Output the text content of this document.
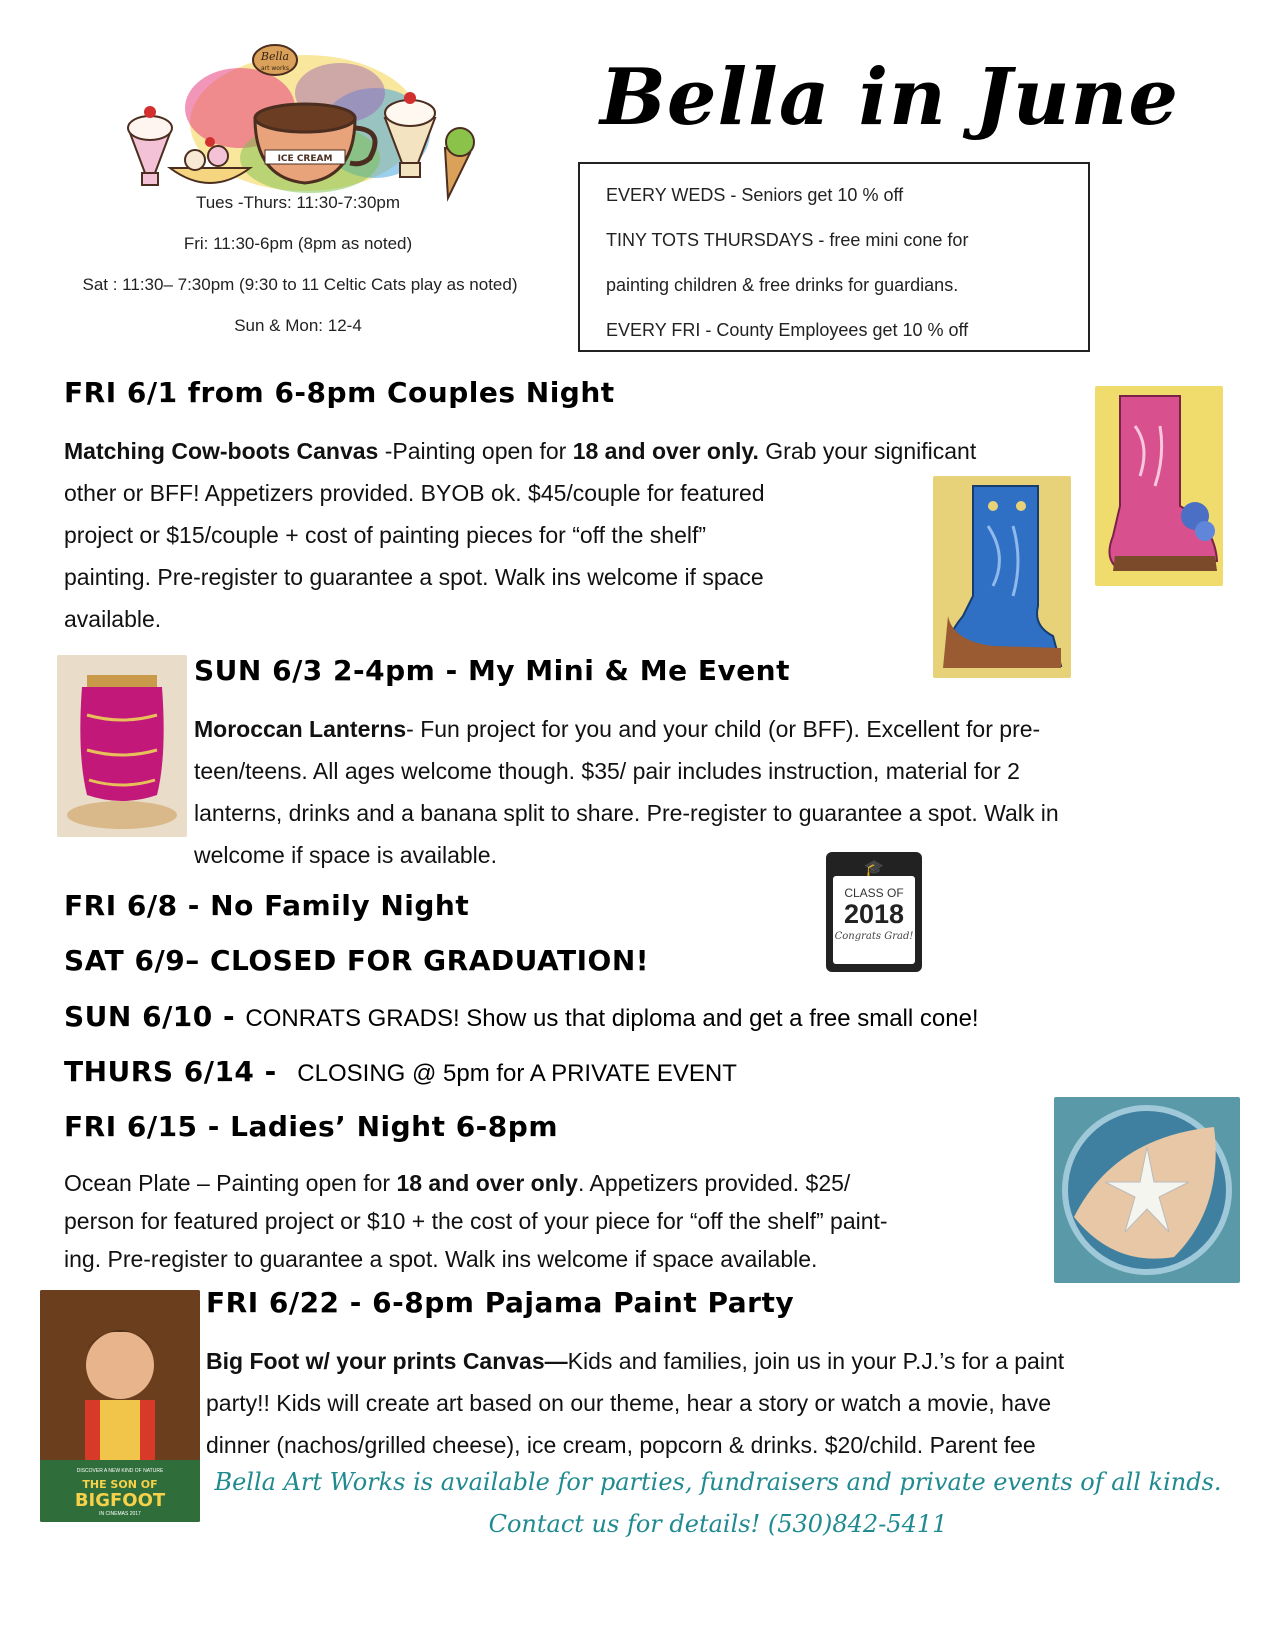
ICE CREAM
Bella
art works
Tues -Thurs: 11:30-7:30pm
Fri: 11:30-6pm (8pm as noted)
Sat : 11:30– 7:30pm (9:30 to 11 Celtic Cats play as noted)
Sun & Mon: 12-4
Bella in June
EVERY WEDS - Seniors get 10 % off
TINY TOTS THURSDAYS - free mini cone for
painting children & free drinks for guardians.
EVERY FRI - County Employees get 10 % off
FRI 6/1 from 6-8pm Couples Night
Matching Cow-boots Canvas -Painting open for 18 and over only. Grab your significant
other or BFF! Appetizers provided. BYOB ok. $45/couple for featured
project or $15/couple + cost of painting pieces for “off the shelf”
painting. Pre-register to guarantee a spot. Walk ins welcome if space
available.
SUN 6/3 2-4pm - My Mini & Me Event
Moroccan Lanterns- Fun project for you and your child (or BFF). Excellent for pre-
teen/teens. All ages welcome though. $35/ pair includes instruction, material for 2
lanterns, drinks and a banana split to share. Pre-register to guarantee a spot. Walk in
welcome if space is available.
🎓
CLASS OF
2018
Congrats Grad!
FRI 6/8 - No Family Night
SAT 6/9– CLOSED FOR GRADUATION!
SUN 6/10 - CONRATS GRADS! Show us that diploma and get a free small cone!
THURS 6/14 - CLOSING @ 5pm for A PRIVATE EVENT
FRI 6/15 - Ladies’ Night 6-8pm
Ocean Plate – Painting open for 18 and over only. Appetizers provided. $25/
person for featured project or $10 + the cost of your piece for “off the shelf” paint-
ing. Pre-register to guarantee a spot. Walk ins welcome if space available.
DISCOVER A NEW KIND OF NATURE
THE SON OF
BIGFOOT
IN CINEMAS 2017
FRI 6/22 - 6-8pm Pajama Paint Party
Big Foot w/ your prints Canvas—Kids and families, join us in your P.J.’s for a paint
party!! Kids will create art based on our theme, hear a story or watch a movie, have
dinner (nachos/grilled cheese), ice cream, popcorn & drinks. $20/child. Parent fee
Bella Art Works is available for parties, fundraisers and private events of all kinds.
Contact us for details! (530)842-5411
